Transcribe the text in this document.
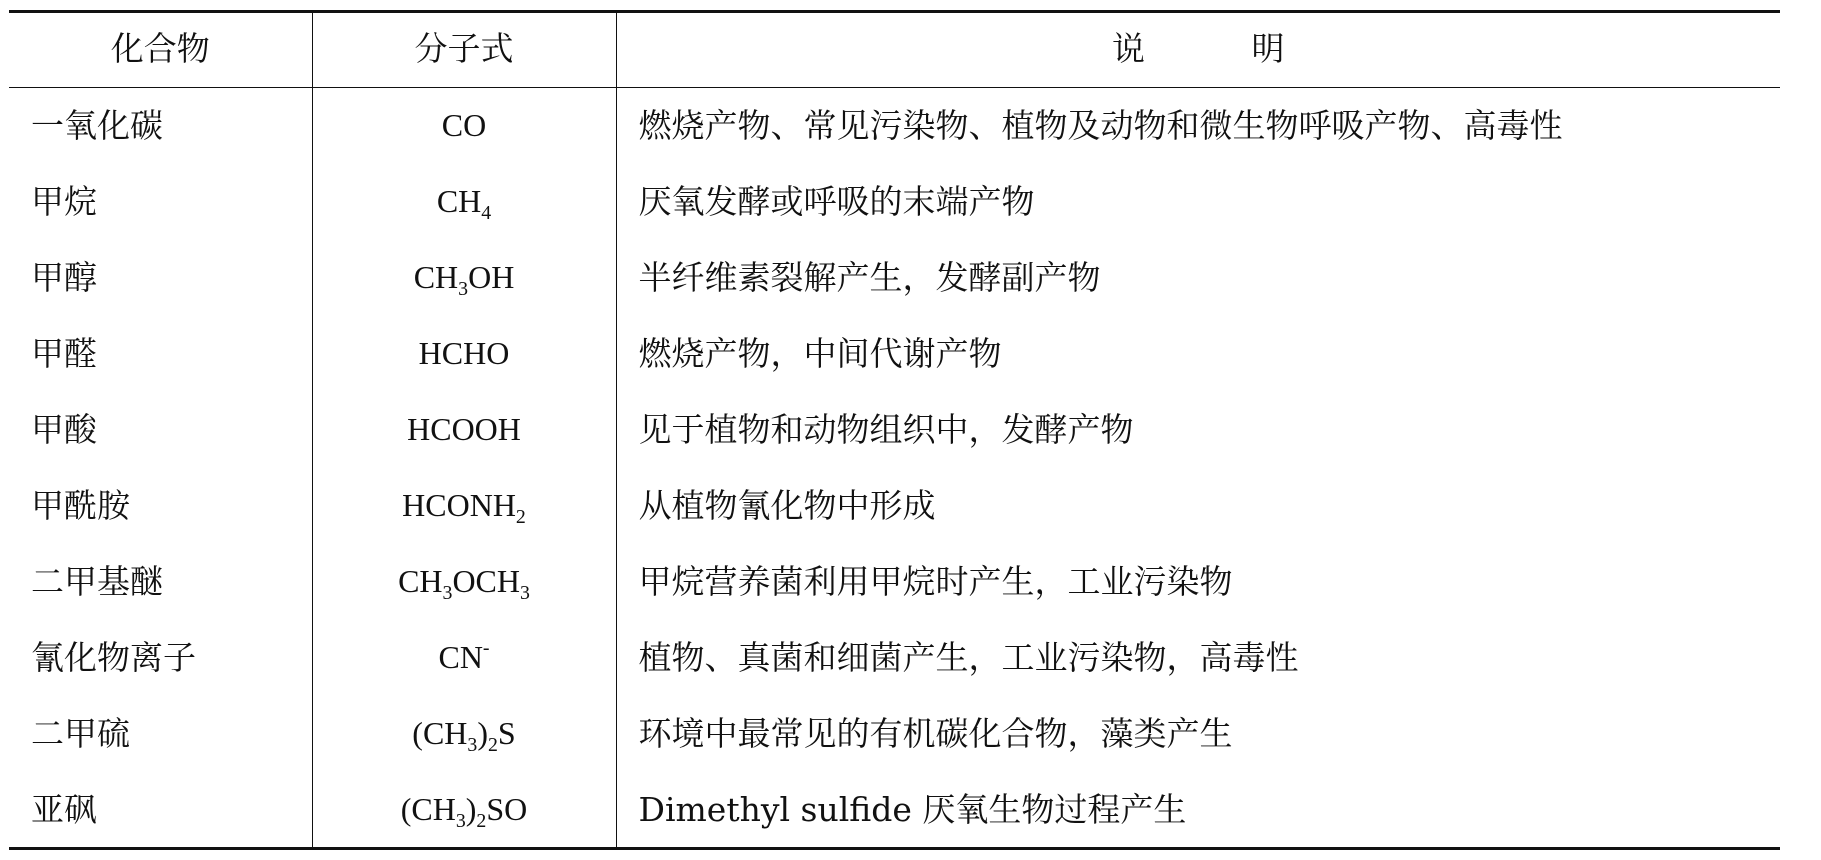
化合物	分子式	说 明
一氧化碳	CO	燃烧产物、常见污染物、植物及动物和微生物呼吸产物、高毒性
甲烷	$CH_4$	厌氧发酵或呼吸的末端产物
甲醇	$CH_3OH$	半纤维素裂解产生，发酵副产物
甲醛	HCHO	燃烧产物，中间代谢产物
甲酸	HCOOH	见于植物和动物组织中，发酵产物
甲酰胺	$HCONH_2$	从植物氰化物中形成
二甲基醚	$CH_3OCH_3$	甲烷营养菌利用甲烷时产生，工业污染物
氰化物离子	CN-	植物、真菌和细菌产生，工业污染物，高毒性
二甲硫	$(CH_3)_2S$	环境中最常见的有机碳化合物，藻类产生
亚砜	$(CH_3)_2SO$	Dimethyl sulfide 厌氧生物过程产生
